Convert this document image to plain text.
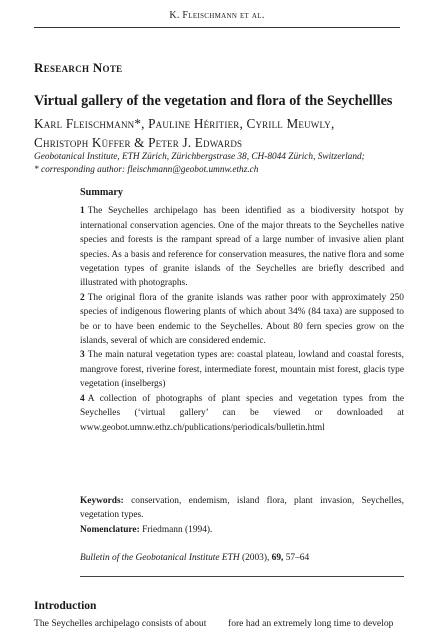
K. Fleischmann et al.
Research Note
Virtual gallery of the vegetation and flora of the Seychellles
Karl Fleischmann*, Pauline Héritier, Cyrill Meuwly,
Christoph Küffer & Peter J. Edwards
Geobotanical Institute, ETH Zürich, Zürichbergstrase 38, CH-8044 Zürich, Switzerland;
* corresponding author: fleischmann@geobot.umnw.ethz.ch
Summary

1 The Seychelles archipelago has been identified as a biodiversity hotspot by international conservation agencies. One of the major threats to the Seychelles native species and forests is the rampant spread of a large number of invasive alien plant species. As a basis and reference for conservation measures, the native flora and some vegetation types of granite islands of the Seychelles are briefly described and illustrated with photographs.

2 The original flora of the granite islands was rather poor with approximately 250 species of indigenous flowering plants of which about 34% (84 taxa) are supposed to be or to have been endemic to the Seychelles. About 80 fern species grow on the islands, several of which are considered endemic.

3 The main natural vegetation types are: coastal plateau, lowland and coastal forests, mangrove forest, riverine forest, intermediate forest, mountain mist forest, glacis type vegetation (inselbergs)

4 A collection of photographs of plant species and vegetation types from the Seychelles (‘virtual gallery’ can be viewed or downloaded at www.geobot.umnw.ethz.ch/publications/periodicals/bulletin.html

Keywords: conservation, endemism, island flora, plant invasion, Seychelles, vegetation types.
Nomenclature: Friedmann (1994).
Bulletin of the Geobotanical Institute ETH (2003), 69, 57–64
Introduction
The Seychelles archipelago consists of about	fore had an extremely long time to develop
